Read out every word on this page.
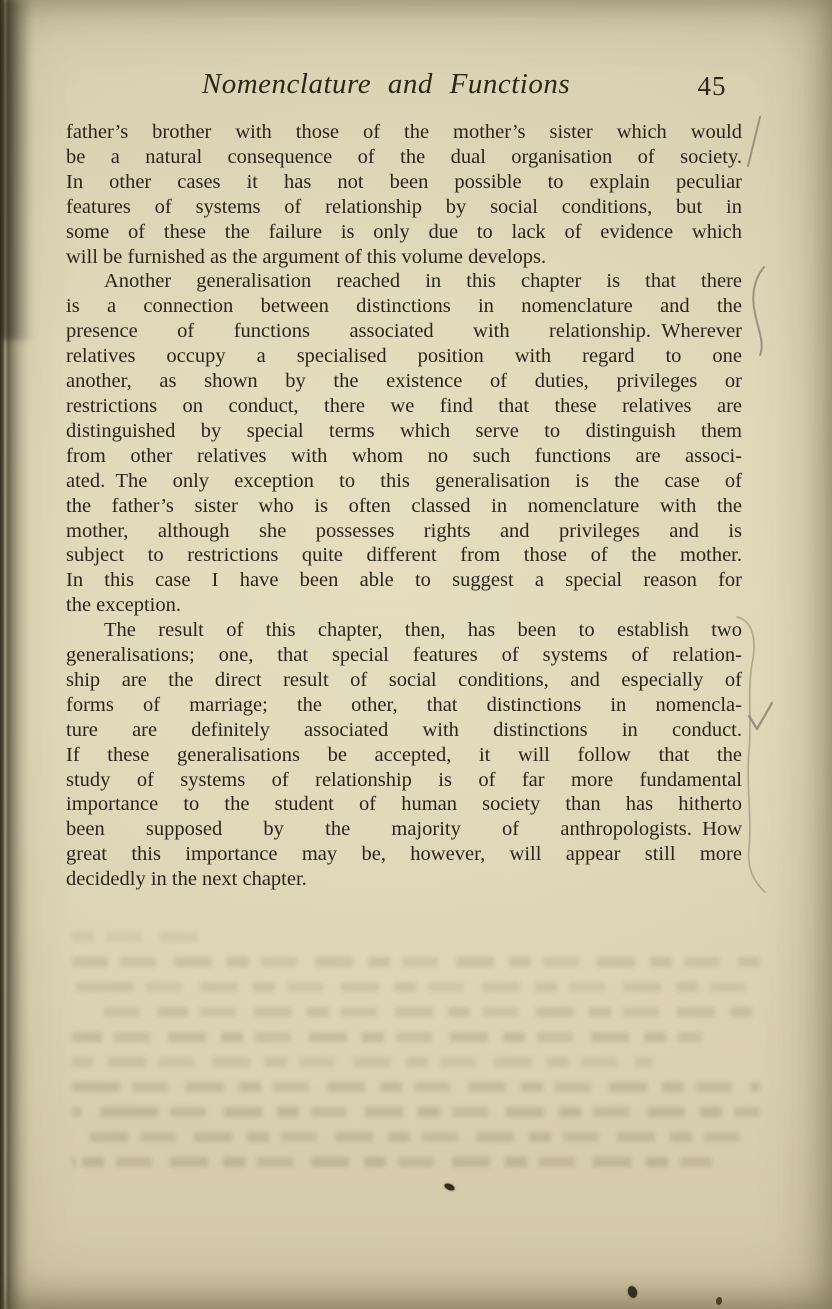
Nomenclature and Functions	45
father’s brother with those of the mother’s sister which would
be a natural consequence of the dual organisation of society.
In other cases it has not been possible to explain peculiar
features of systems of relationship by social conditions, but in
some of these the failure is only due to lack of evidence which
will be furnished as the argument of this volume develops.
Another generalisation reached in this chapter is that there
is a connection between distinctions in nomenclature and the
presence of functions associated with relationship. Wherever
relatives occupy a specialised position with regard to one
another, as shown by the existence of duties, privileges or
restrictions on conduct, there we find that these relatives are
distinguished by special terms which serve to distinguish them
from other relatives with whom no such functions are associ-
ated. The only exception to this generalisation is the case of
the father’s sister who is often classed in nomenclature with the
mother, although she possesses rights and privileges and is
subject to restrictions quite different from those of the mother.
In this case I have been able to suggest a special reason for
the exception.
The result of this chapter, then, has been to establish two
generalisations; one, that special features of systems of relation-
ship are the direct result of social conditions, and especially of
forms of marriage; the other, that distinctions in nomencla-
ture are definitely associated with distinctions in conduct.
If these generalisations be accepted, it will follow that the
study of systems of relationship is of far more fundamental
importance to the student of human society than has hitherto
been supposed by the majority of anthropologists. How
great this importance may be, however, will appear still more
decidedly in the next chapter.
